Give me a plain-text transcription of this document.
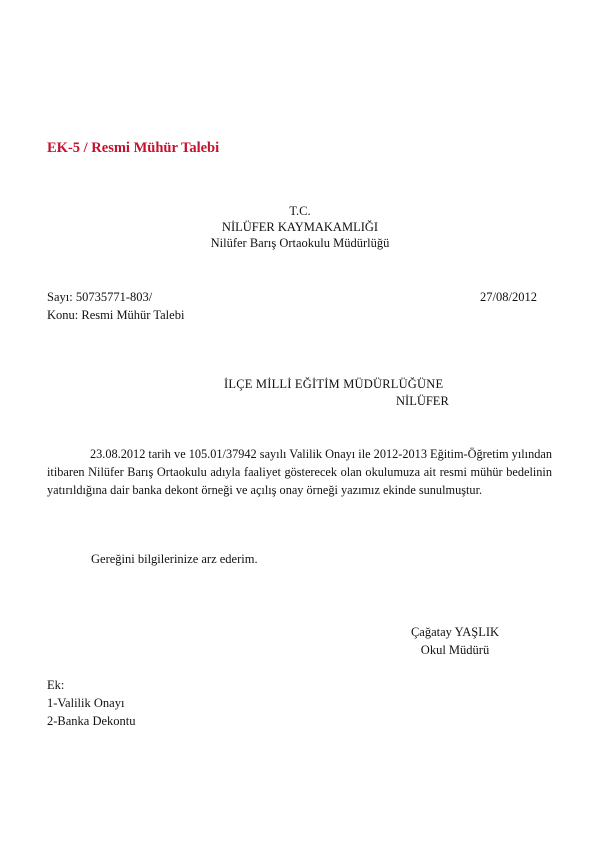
EK-5 / Resmi Mühür Talebi
T.C.
NİLÜFER KAYMAKAMLIĞI
Nilüfer Barış Ortaokulu Müdürlüğü
Sayı: 50735771-803/	27/08/2012
Konu: Resmi Mühür Talebi
İLÇE MİLLİ EĞİTİM MÜDÜRLÜĞÜNE
NİLÜFER
23.08.2012 tarih ve 105.01/37942 sayılı Valilik Onayı ile 2012-2013 Eğitim-Öğretim yılından itibaren Nilüfer Barış Ortaokulu adıyla faaliyet gösterecek olan okulumuza ait resmi mühür bedelinin yatırıldığına dair banka dekont örneği ve açılış onay örneği yazımız ekinde sunulmuştur.
Gereğini bilgilerinize arz ederim.
Çağatay YAŞLIK
Okul Müdürü
Ek:
1-Valilik Onayı
2-Banka Dekontu
